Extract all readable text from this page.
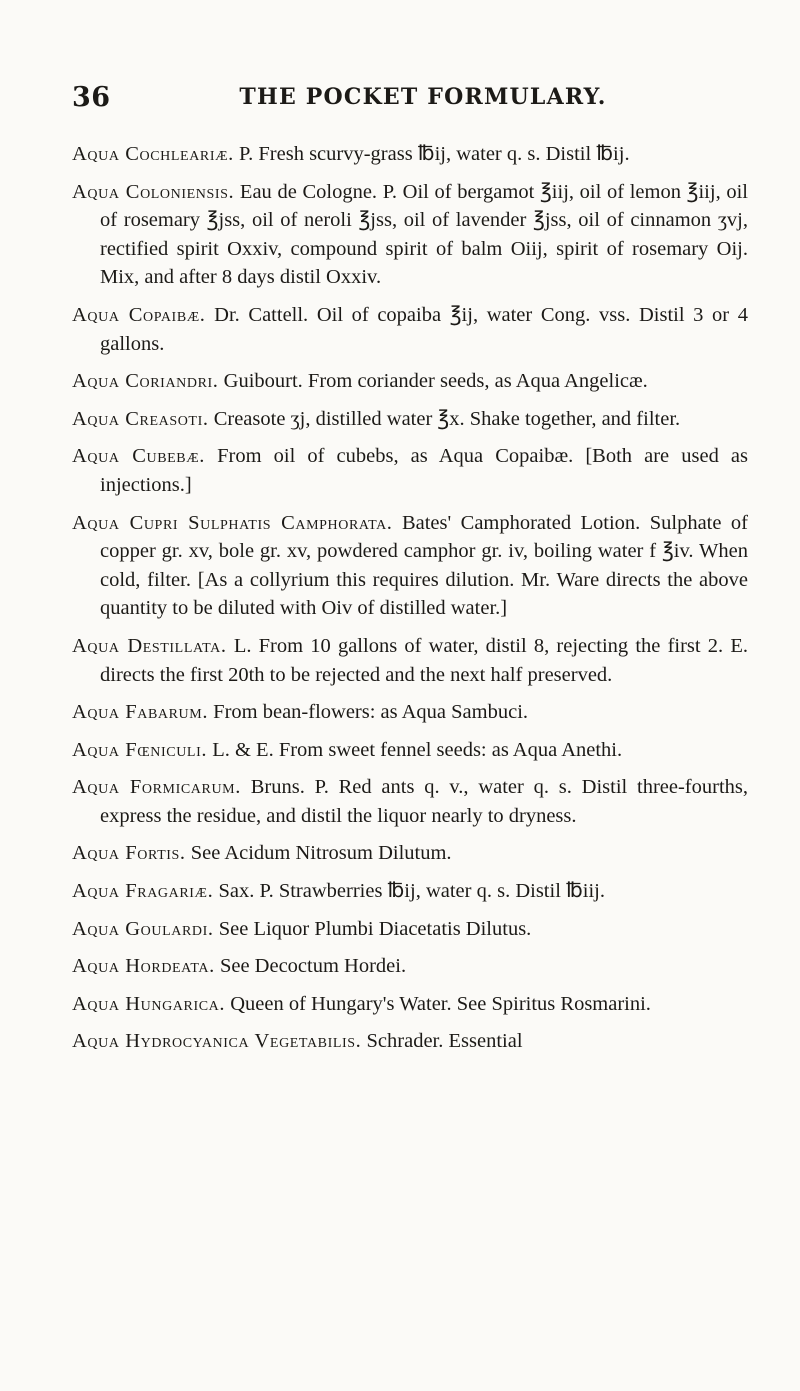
36	THE POCKET FORMULARY.

Aqua Cochleariæ. P. Fresh scurvy-grass ℔ij, water q. s. Distil ℔ij.

Aqua Coloniensis. Eau de Cologne. P. Oil of bergamot ℥iij, oil of lemon ℥iij, oil of rosemary ℥jss, oil of neroli ℥jss, oil of lavender ℥jss, oil of cinnamon ʒvj, rectified spirit Oxxiv, compound spirit of balm Oiij, spirit of rosemary Oij. Mix, and after 8 days distil Oxxiv.

Aqua Copaibæ. Dr. Cattell. Oil of copaiba ℥ij, water Cong. vss. Distil 3 or 4 gallons.

Aqua Coriandri. Guibourt. From coriander seeds, as Aqua Angelicæ.

Aqua Creasoti. Creasote ʒj, distilled water ℥x. Shake together, and filter.

Aqua Cubebæ. From oil of cubebs, as Aqua Copaibæ. [Both are used as injections.]

Aqua Cupri Sulphatis Camphorata. Bates' Camphorated Lotion. Sulphate of copper gr. xv, bole gr. xv, powdered camphor gr. iv, boiling water f ℥iv. When cold, filter. [As a collyrium this requires dilution. Mr. Ware directs the above quantity to be diluted with Oiv of distilled water.]

Aqua Destillata. L. From 10 gallons of water, distil 8, rejecting the first 2. E. directs the first 20th to be rejected and the next half preserved.

Aqua Fabarum. From bean-flowers: as Aqua Sambuci.

Aqua Fœniculi. L. & E. From sweet fennel seeds: as Aqua Anethi.

Aqua Formicarum. Bruns. P. Red ants q. v., water q. s. Distil three-fourths, express the residue, and distil the liquor nearly to dryness.

Aqua Fortis. See Acidum Nitrosum Dilutum.

Aqua Fragariæ. Sax. P. Strawberries ℔ij, water q. s. Distil ℔iij.

Aqua Goulardi. See Liquor Plumbi Diacetatis Dilutus.

Aqua Hordeata. See Decoctum Hordei.

Aqua Hungarica. Queen of Hungary's Water. See Spiritus Rosmarini.

Aqua Hydrocyanica Vegetabilis. Schrader. Essential
